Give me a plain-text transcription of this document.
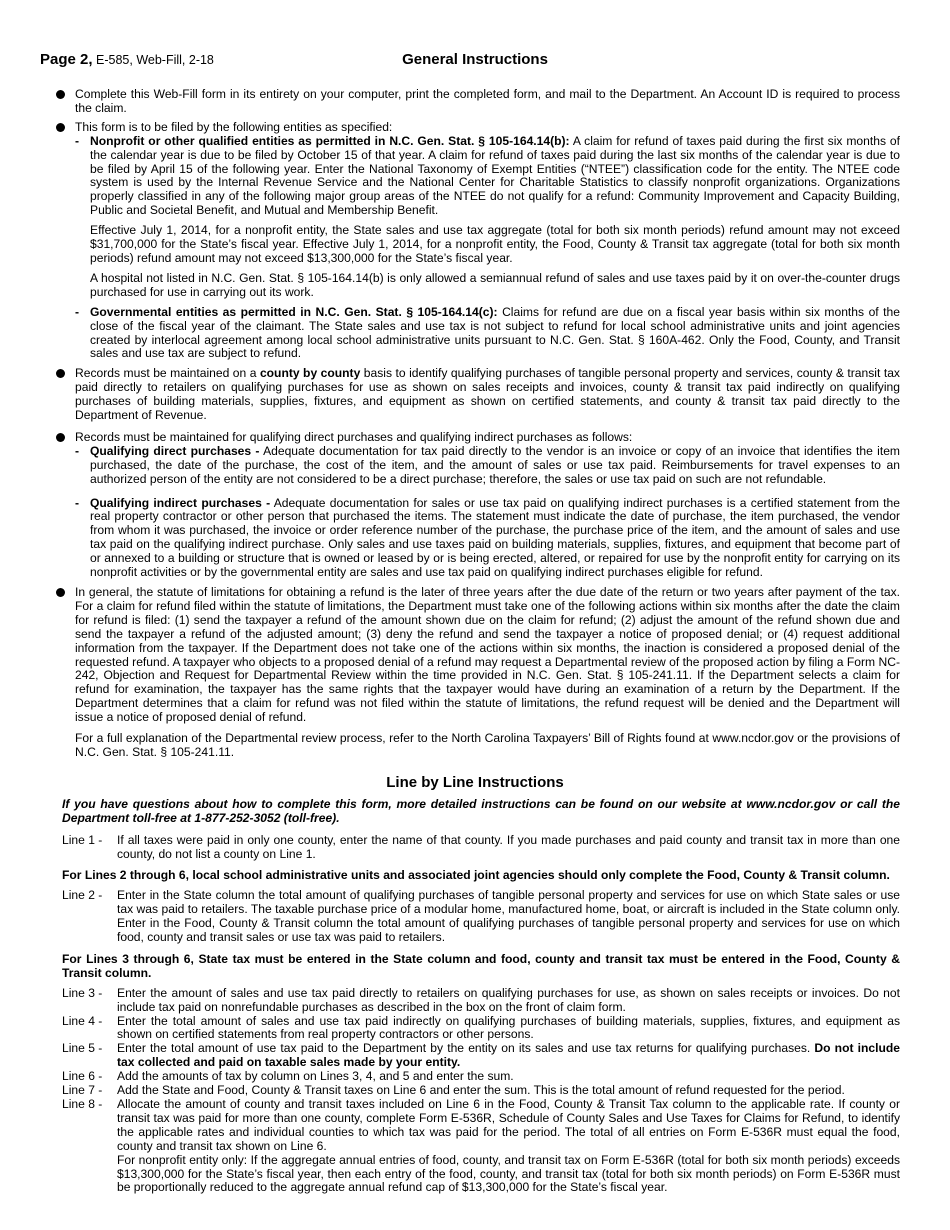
Page 2, E-585, Web-Fill, 2-18	General Instructions

Complete this Web-Fill form in its entirety on your computer, print the completed form, and mail to the Department. An Account ID is required to process the claim.

This form is to be filed by the following entities as specified:

- Nonprofit or other qualified entities as permitted in N.C. Gen. Stat. § 105-164.14(b): A claim for refund of taxes paid during the first six months of the calendar year is due to be filed by October 15 of that year. A claim for refund of taxes paid during the last six months of the calendar year is due to be filed by April 15 of the following year. Enter the National Taxonomy of Exempt Entities (“NTEE”) classification code for the entity. The NTEE code system is used by the Internal Revenue Service and the National Center for Charitable Statistics to classify nonprofit organizations. Organizations properly classified in any of the following major group areas of the NTEE do not qualify for a refund: Community Improvement and Capacity Building, Public and Societal Benefit, and Mutual and Membership Benefit.

Effective July 1, 2014, for a nonprofit entity, the State sales and use tax aggregate (total for both six month periods) refund amount may not exceed $31,700,000 for the State’s fiscal year. Effective July 1, 2014, for a nonprofit entity, the Food, County & Transit tax aggregate (total for both six month periods) refund amount may not exceed $13,300,000 for the State’s fiscal year.

A hospital not listed in N.C. Gen. Stat. § 105-164.14(b) is only allowed a semiannual refund of sales and use taxes paid by it on over-the-counter drugs purchased for use in carrying out its work.

- Governmental entities as permitted in N.C. Gen. Stat. § 105-164.14(c): Claims for refund are due on a fiscal year basis within six months of the close of the fiscal year of the claimant. The State sales and use tax is not subject to refund for local school administrative units and joint agencies created by interlocal agreement among local school administrative units pursuant to N.C. Gen. Stat. § 160A-462. Only the Food, County, and Transit sales and use tax are subject to refund.

Records must be maintained on a county by county basis to identify qualifying purchases of tangible personal property and services, county & transit tax paid directly to retailers on qualifying purchases for use as shown on sales receipts and invoices, county & transit tax paid indirectly on qualifying purchases of building materials, supplies, fixtures, and equipment as shown on certified statements, and county & transit tax paid directly to the Department of Revenue.

Records must be maintained for qualifying direct purchases and qualifying indirect purchases as follows:

- Qualifying direct purchases - Adequate documentation for tax paid directly to the vendor is an invoice or copy of an invoice that identifies the item purchased, the date of the purchase, the cost of the item, and the amount of sales or use tax paid. Reimbursements for travel expenses to an authorized person of the entity are not considered to be a direct purchase; therefore, the sales or use tax paid on such are not refundable.
- Qualifying indirect purchases - Adequate documentation for sales or use tax paid on qualifying indirect purchases is a certified statement from the real property contractor or other person that purchased the items. The statement must indicate the date of purchase, the item purchased, the vendor from whom it was purchased, the invoice or order reference number of the purchase, the purchase price of the item, and the amount of sales and use tax paid on the qualifying indirect purchase. Only sales and use taxes paid on building materials, supplies, fixtures, and equipment that become part of or annexed to a building or structure that is owned or leased by or is being erected, altered, or repaired for use by the nonprofit entity for carrying on its nonprofit activities or by the governmental entity are sales and use tax paid on qualifying indirect purchases eligible for refund.

In general, the statute of limitations for obtaining a refund is the later of three years after the due date of the return or two years after payment of the tax. For a claim for refund filed within the statute of limitations, the Department must take one of the following actions within six months after the date the claim for refund is filed: (1) send the taxpayer a refund of the amount shown due on the claim for refund; (2) adjust the amount of the refund shown due and send the taxpayer a refund of the adjusted amount; (3) deny the refund and send the taxpayer a notice of proposed denial; or (4) request additional information from the taxpayer. If the Department does not take one of the actions within six months, the inaction is considered a proposed denial of the requested refund. A taxpayer who objects to a proposed denial of a refund may request a Departmental review of the proposed action by filing a Form NC-242, Objection and Request for Departmental Review within the time provided in N.C. Gen. Stat. § 105-241.11. If the Department selects a claim for refund for examination, the taxpayer has the same rights that the taxpayer would have during an examination of a return by the Department. If the Department determines that a claim for refund was not filed within the statute of limitations, the refund request will be denied and the Department will issue a notice of proposed denial of refund.

For a full explanation of the Departmental review process, refer to the North Carolina Taxpayers’ Bill of Rights found at www.ncdor.gov or the provisions of N.C. Gen. Stat. § 105-241.11.

Line by Line Instructions
If you have questions about how to complete this form, more detailed instructions can be found on our website at www.ncdor.gov or call the Department toll-free at 1-877-252-3052 (toll-free).
Line 1 - If all taxes were paid in only one county, enter the name of that county. If you made purchases and paid county and transit tax in more than one county, do not list a county on Line 1.
For Lines 2 through 6, local school administrative units and associated joint agencies should only complete the Food, County & Transit column.
Line 2 - Enter in the State column the total amount of qualifying purchases of tangible personal property and services for use on which State sales or use tax was paid to retailers. The taxable purchase price of a modular home, manufactured home, boat, or aircraft is included in the State column only. Enter in the Food, County & Transit column the total amount of qualifying purchases of tangible personal property and services for use on which food, county and transit sales or use tax was paid to retailers.
For Lines 3 through 6, State tax must be entered in the State column and food, county and transit tax must be entered in the Food, County & Transit column.
Line 3 - Enter the amount of sales and use tax paid directly to retailers on qualifying purchases for use, as shown on sales receipts or invoices. Do not include tax paid on nonrefundable purchases as described in the box on the front of claim form.
Line 4 - Enter the total amount of sales and use tax paid indirectly on qualifying purchases of building materials, supplies, fixtures, and equipment as shown on certified statements from real property contractors or other persons.
Line 5 - Enter the total amount of use tax paid to the Department by the entity on its sales and use tax returns for qualifying purchases. Do not include tax collected and paid on taxable sales made by your entity.
Line 6 - Add the amounts of tax by column on Lines 3, 4, and 5 and enter the sum.
Line 7 - Add the State and Food, County & Transit taxes on Line 6 and enter the sum. This is the total amount of refund requested for the period.
Line 8 - Allocate the amount of county and transit taxes included on Line 6 in the Food, County & Transit Tax column to the applicable rate. If county or transit tax was paid for more than one county, complete Form E-536R, Schedule of County Sales and Use Taxes for Claims for Refund, to identify the applicable rates and individual counties to which tax was paid for the period. The total of all entries on Form E-536R must equal the food, county and transit tax shown on Line 6.
For nonprofit entity only: If the aggregate annual entries of food, county, and transit tax on Form E-536R (total for both six month periods) exceeds $13,300,000 for the State’s fiscal year, then each entry of the food, county, and transit tax (total for both six month periods) on Form E-536R must be proportionally reduced to the aggregate annual refund cap of $13,300,000 for the State’s fiscal year.
